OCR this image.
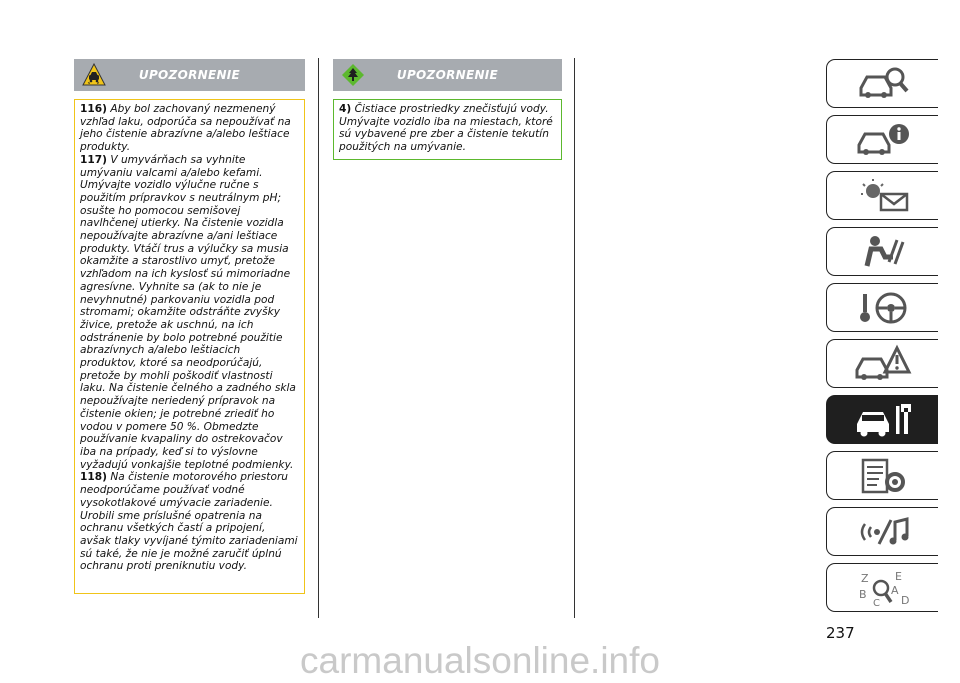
UPOZORNENIE

116) Aby bol zachovaný nezmenený vzhľad laku, odporúča sa nepoužívať na jeho čistenie abrazívne a/alebo leštiace produkty.

117) V umyvárňach sa vyhnite umývaniu valcami a/alebo kefami. Umývajte vozidlo výlučne ručne s použitím prípravkov s neutrálnym pH; osušte ho pomocou semišovej navlhčenej utierky. Na čistenie vozidla nepoužívajte abrazívne a/ani leštiace produkty. Vtáčí trus a výlučky sa musia okamžite a starostlivo umyť, pretože vzhľadom na ich kyslosť sú mimoriadne agresívne. Vyhnite sa (ak to nie je nevyhnutné) parkovaniu vozidla pod stromami; okamžite odstráňte zvyšky živice, pretože ak uschnú, na ich odstránenie by bolo potrebné použitie abrazívnych a/alebo leštiacich produktov, ktoré sa neodporúčajú, pretože by mohli poškodiť vlastnosti laku. Na čistenie čelného a zadného skla nepoužívajte neriedený prípravok na čistenie okien; je potrebné zriediť ho vodou v pomere 50 %. Obmedzte používanie kvapaliny do ostrekovačov iba na prípady, keď si to výslovne vyžadujú vonkajšie teplotné podmienky.

118) Na čistenie motorového priestoru neodporúčame používať vodné vysokotlakové umývacie zariadenie. Urobili sme príslušné opatrenia na ochranu všetkých častí a pripojení, avšak tlaky vyvíjané týmito zariadeniami sú také, že nie je možné zaručiť úplnú ochranu proti preniknutiu vody.

UPOZORNENIE

4) Čistiace prostriedky znečisťujú vody. Umývajte vozidlo iba na miestach, ktoré sú vybavené pre zber a čistenie tekutín použitých na umývanie.

Z E
B A
D
C
237
carmanualsonline.info
